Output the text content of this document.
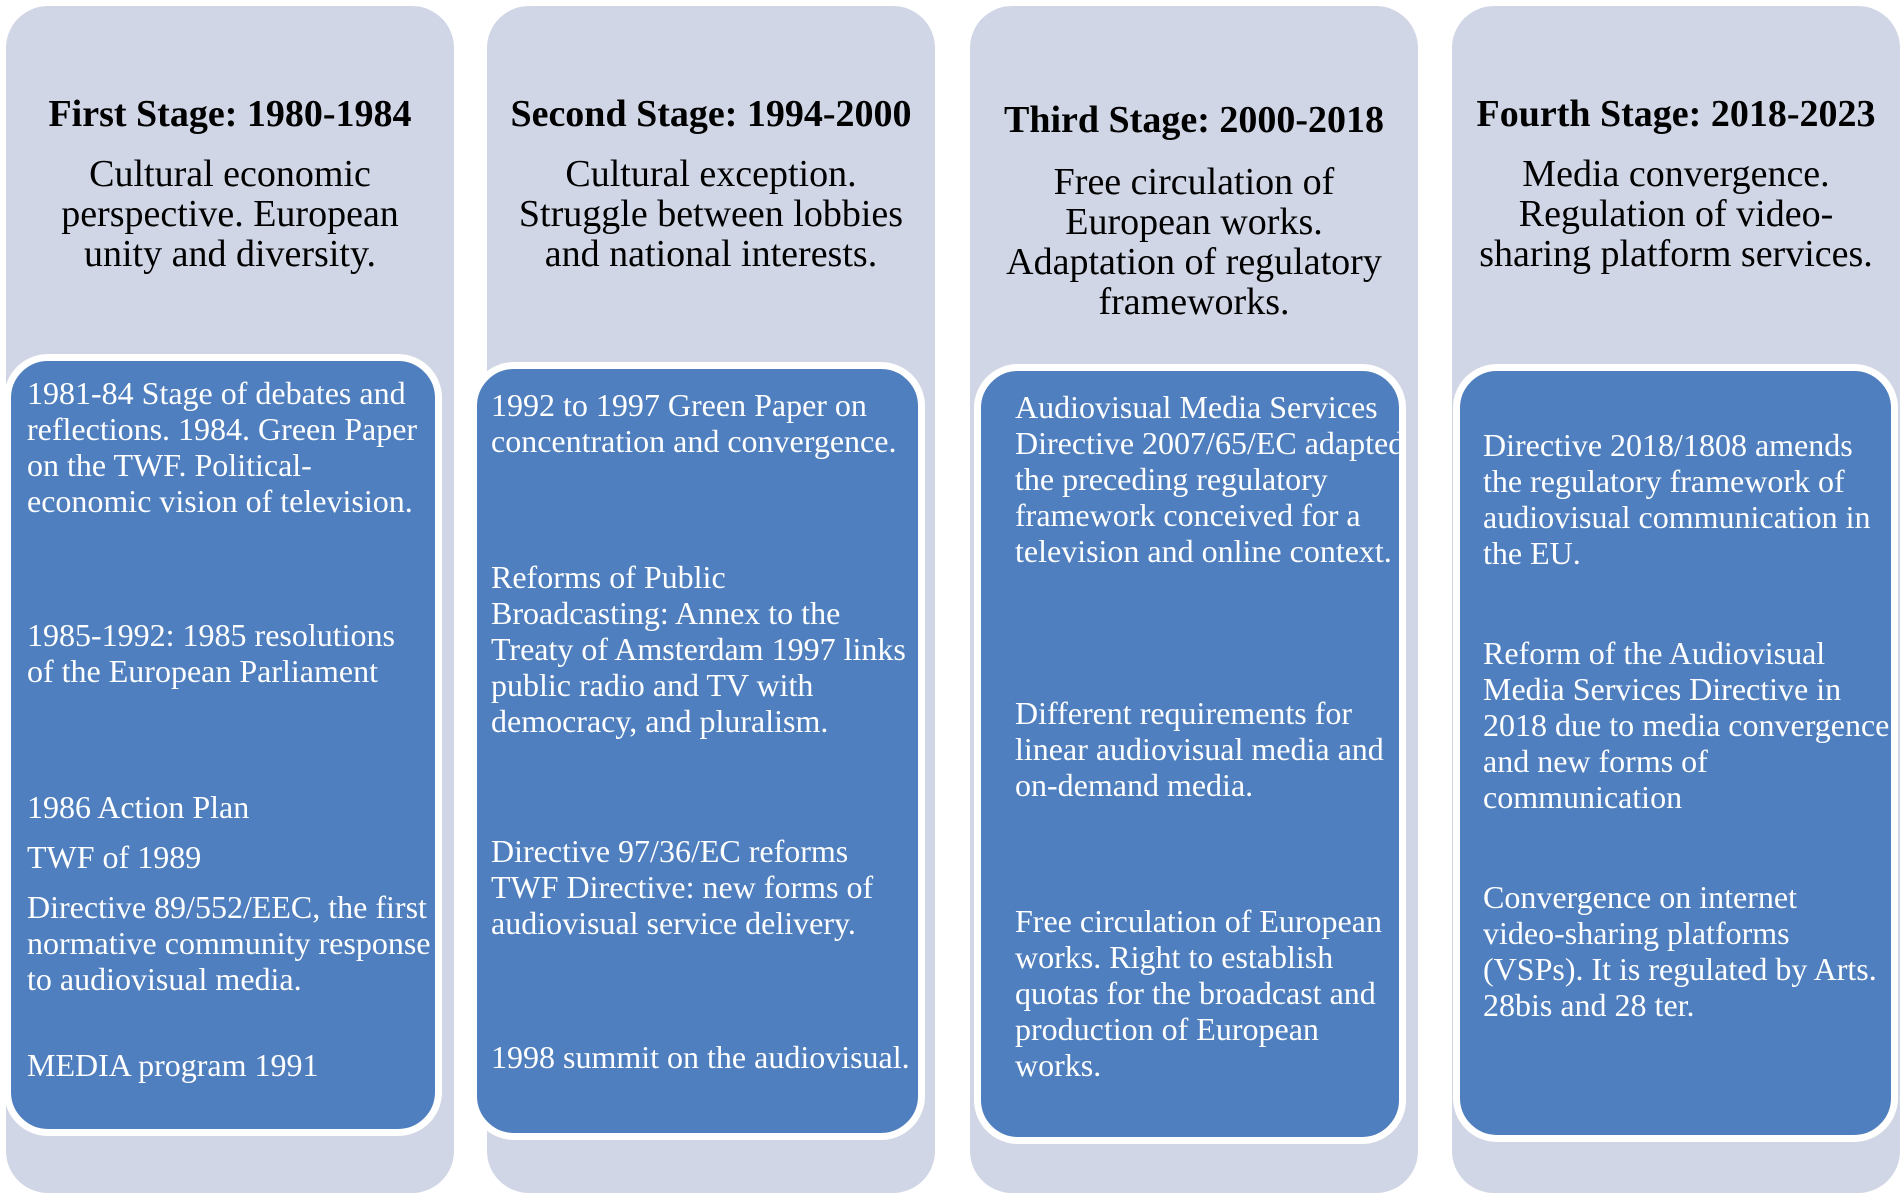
First Stage: 1980-1984
Cultural economic perspective. European unity and diversity.
1981-84 Stage of debates and reflections. 1984. Green Paper on the TWF. Political-economic vision of television.
1985-1992: 1985 resolutions of the European Parliament
1986 Action Plan
TWF of 1989
Directive 89/552/EEC, the first normative community response to audiovisual media.
MEDIA program 1991
Second Stage: 1994-2000
Cultural exception. Struggle between lobbies and national interests.
1992 to 1997 Green Paper on concentration and convergence.
Reforms of Public Broadcasting: Annex to the Treaty of Amsterdam 1997 links public radio and TV with democracy, and pluralism.
Directive 97/36/EC reforms TWF Directive: new forms of audiovisual service delivery.
1998 summit on the audiovisual.
Third Stage: 2000-2018
Free circulation of European works. Adaptation of regulatory frameworks.
Audiovisual Media Services Directive 2007/65/EC adapted the preceding regulatory framework conceived for a television and online context.
Different requirements for linear audiovisual media and on-demand media.
Free circulation of European works. Right to establish quotas for the broadcast and production of European works.
Fourth Stage: 2018-2023
Media convergence. Regulation of video-sharing platform services.
Directive 2018/1808 amends the regulatory framework of audiovisual communication in the EU.
Reform of the Audiovisual Media Services Directive in 2018 due to media convergence and new forms of communication
Convergence on internet video-sharing platforms (VSPs). It is regulated by Arts. 28bis and 28 ter.
